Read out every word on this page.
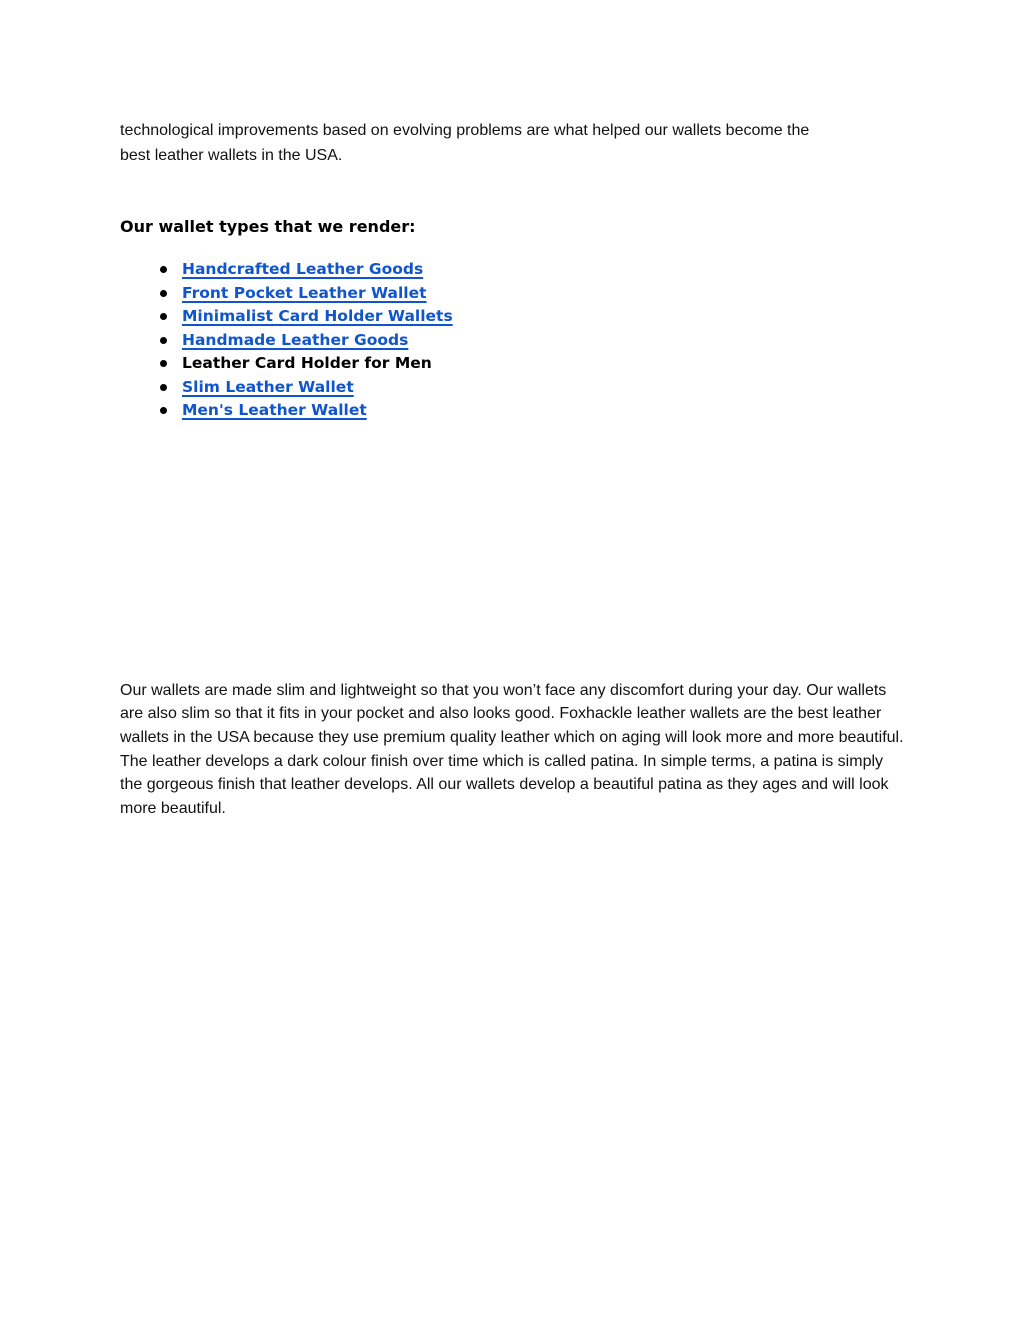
technological improvements based on evolving problems are what helped our wallets become the best leather wallets in the USA.

Our wallet types that we render:
Handcrafted Leather Goods
Front Pocket Leather Wallet
Minimalist Card Holder Wallets
Handmade Leather Goods
Leather Card Holder for Men
Slim Leather Wallet
Men's Leather Wallet

Our wallets are made slim and lightweight so that you won’t face any discomfort during your day. Our wallets are also slim so that it fits in your pocket and also looks good. Foxhackle leather wallets are the best leather wallets in the USA because they use premium quality leather which on aging will look more and more beautiful. The leather develops a dark colour finish over time which is called patina. In simple terms, a patina is simply the gorgeous finish that leather develops. All our wallets develop a beautiful patina as they ages and will look more beautiful.
